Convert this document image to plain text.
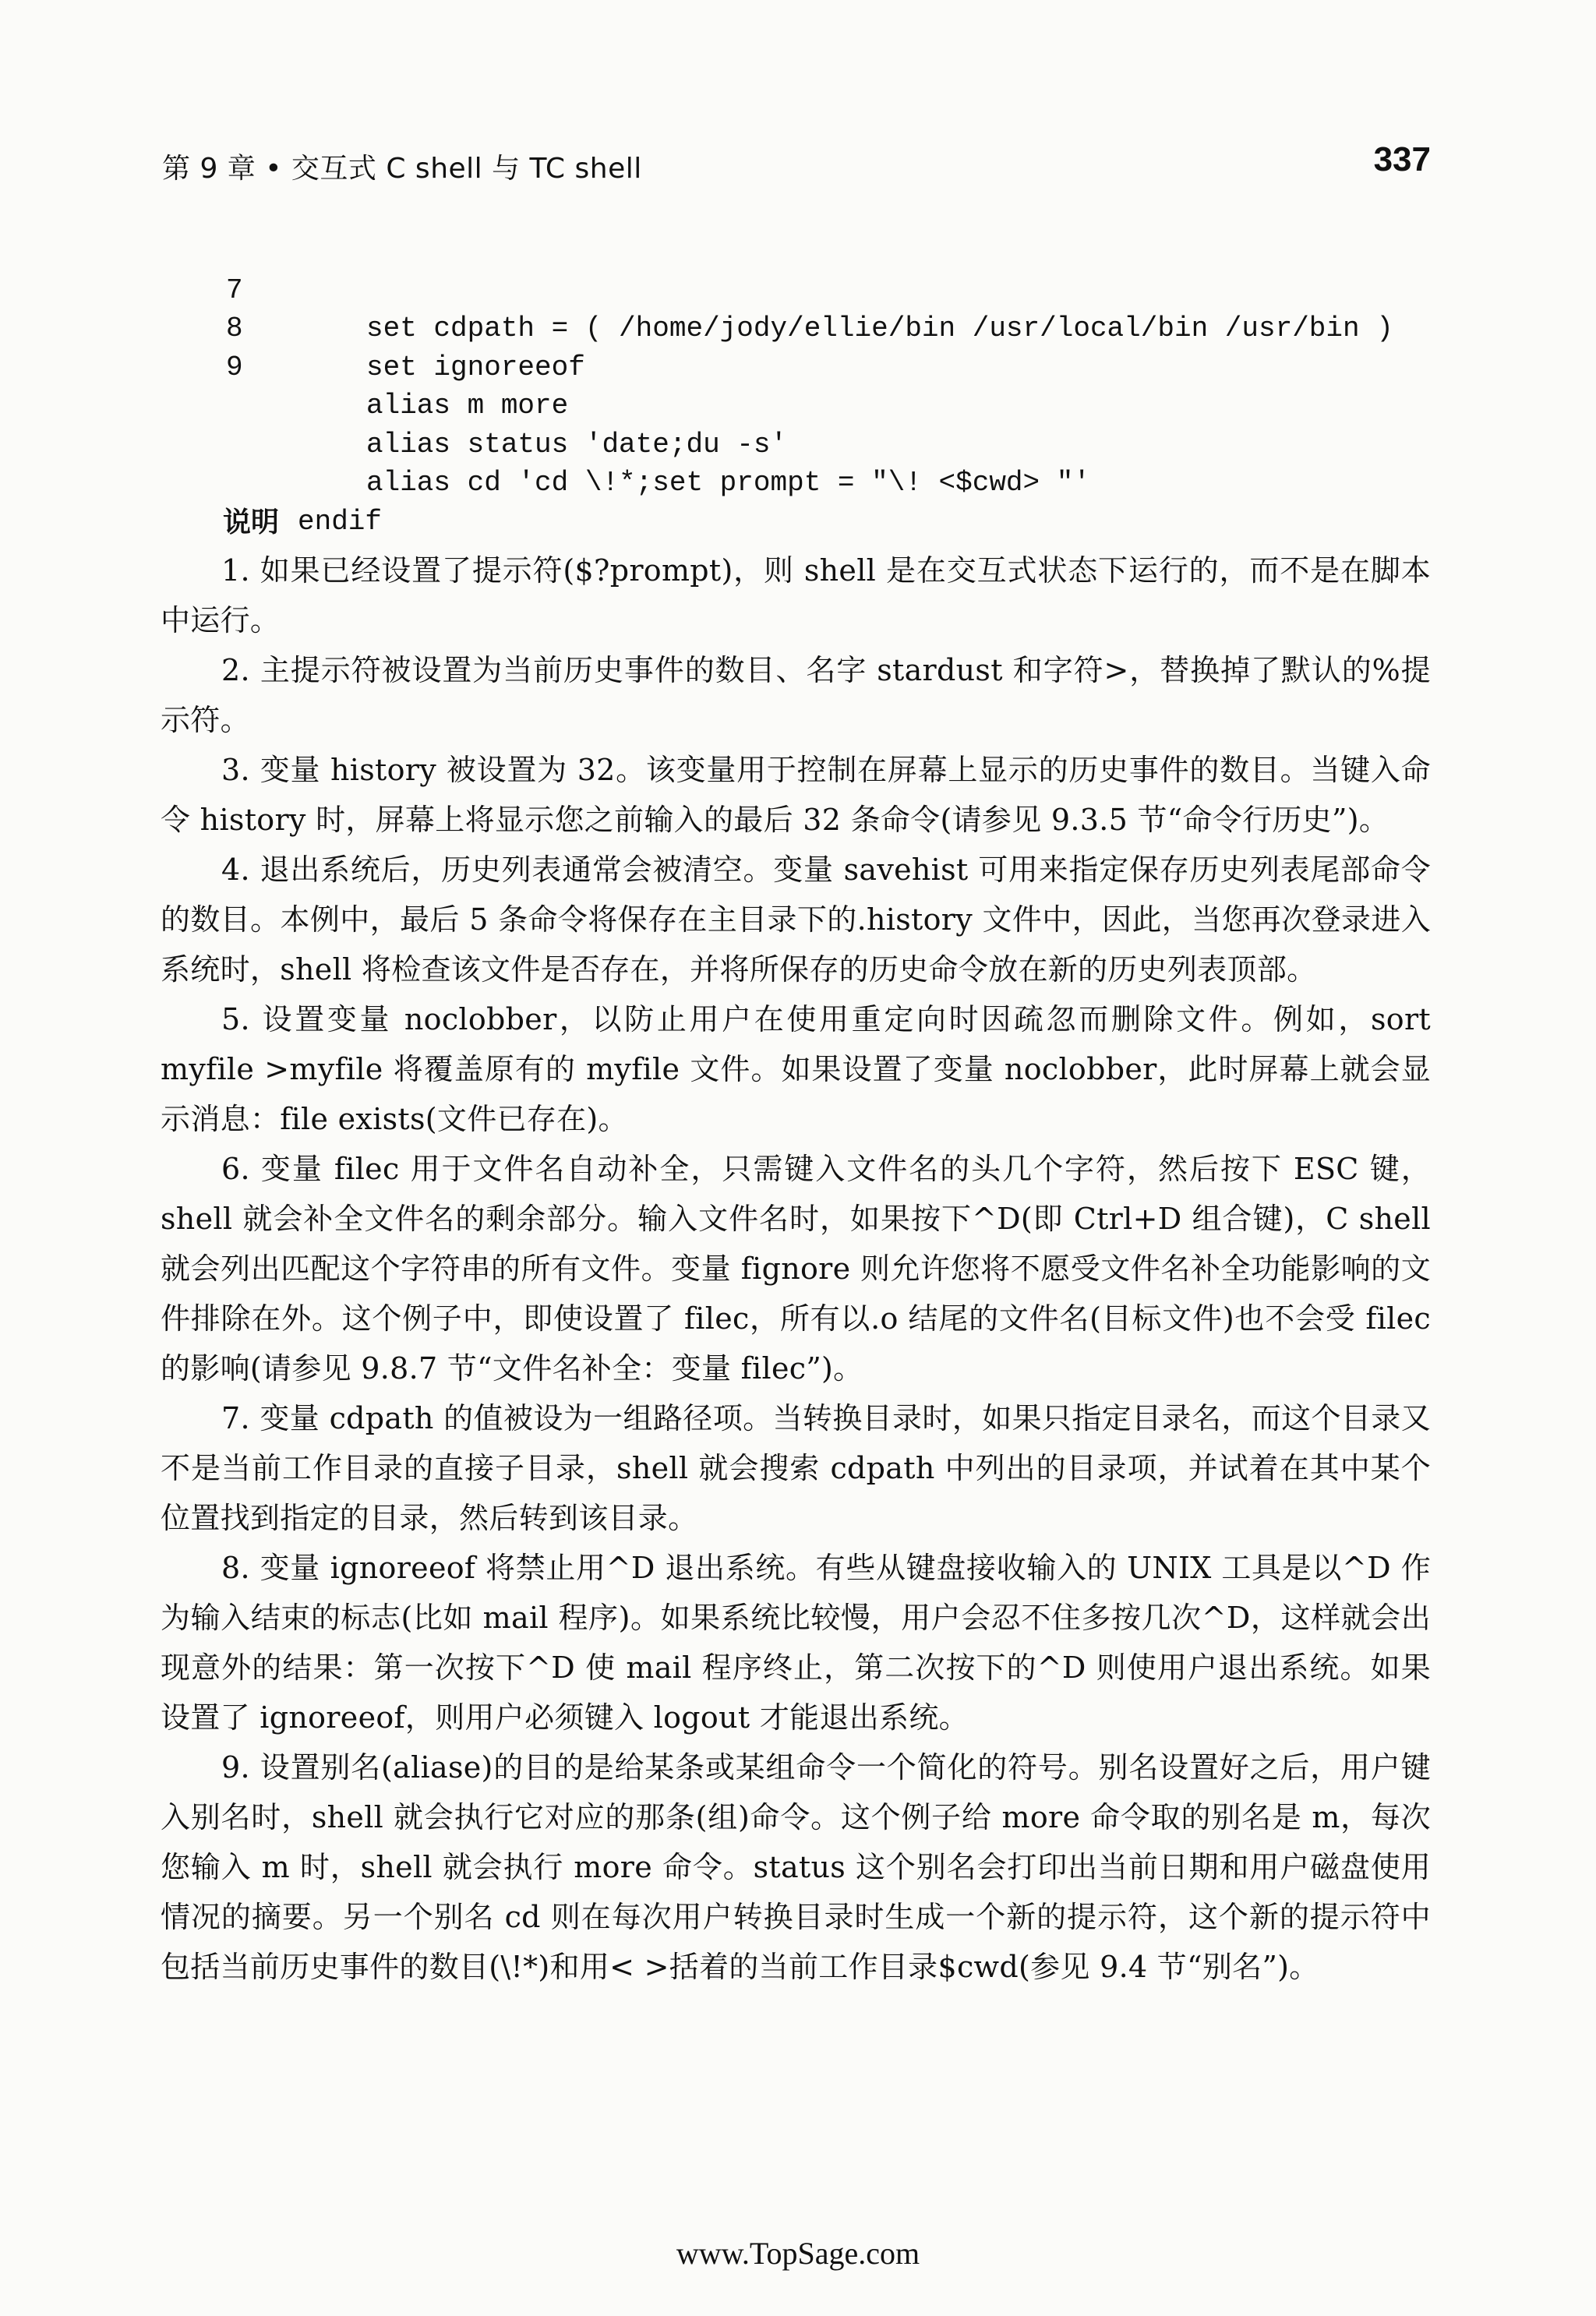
第 9 章 • 交互式 C shell 与 TC shell	337

7

set cdpath = ( /home/jody/ellie/bin /usr/local/bin /usr/bin )

8

set ignoreeof

9

alias m more

alias status 'date;du -s'

alias cd 'cd \!*;set prompt = "\! <$cwd> "'

endif

说明

1. 如果已经设置了提示符($?prompt)，则 shell 是在交互式状态下运行的，而不是在脚本中运行。

2. 主提示符被设置为当前历史事件的数目、名字 stardust 和字符>，替换掉了默认的%提示符。

3. 变量 history 被设置为 32。该变量用于控制在屏幕上显示的历史事件的数目。当键入命令 history 时，屏幕上将显示您之前输入的最后 32 条命令(请参见 9.3.5 节“命令行历史”)。

4. 退出系统后，历史列表通常会被清空。变量 savehist 可用来指定保存历史列表尾部命令的数目。本例中，最后 5 条命令将保存在主目录下的.history 文件中，因此，当您再次登录进入系统时，shell 将检查该文件是否存在，并将所保存的历史命令放在新的历史列表顶部。

5. 设置变量 noclobber，以防止用户在使用重定向时因疏忽而删除文件。例如，sort myfile >myfile 将覆盖原有的 myfile 文件。如果设置了变量 noclobber，此时屏幕上就会显示消息：file exists(文件已存在)。

6. 变量 filec 用于文件名自动补全，只需键入文件名的头几个字符，然后按下 ESC 键，shell 就会补全文件名的剩余部分。输入文件名时，如果按下^D(即 Ctrl+D 组合键)，C shell 就会列出匹配这个字符串的所有文件。变量 fignore 则允许您将不愿受文件名补全功能影响的文件排除在外。这个例子中，即使设置了 filec，所有以.o 结尾的文件名(目标文件)也不会受 filec 的影响(请参见 9.8.7 节“文件名补全：变量 filec”)。

7. 变量 cdpath 的值被设为一组路径项。当转换目录时，如果只指定目录名，而这个目录又不是当前工作目录的直接子目录，shell 就会搜索 cdpath 中列出的目录项，并试着在其中某个位置找到指定的目录，然后转到该目录。

8. 变量 ignoreeof 将禁止用^D 退出系统。有些从键盘接收输入的 UNIX 工具是以^D 作为输入结束的标志(比如 mail 程序)。如果系统比较慢，用户会忍不住多按几次^D，这样就会出现意外的结果：第一次按下^D 使 mail 程序终止，第二次按下的^D 则使用户退出系统。如果设置了 ignoreeof，则用户必须键入 logout 才能退出系统。

9. 设置别名(aliase)的目的是给某条或某组命令一个简化的符号。别名设置好之后，用户键入别名时，shell 就会执行它对应的那条(组)命令。这个例子给 more 命令取的别名是 m，每次您输入 m 时，shell 就会执行 more 命令。status 这个别名会打印出当前日期和用户磁盘使用情况的摘要。另一个别名 cd 则在每次用户转换目录时生成一个新的提示符，这个新的提示符中包括当前历史事件的数目(\!*)和用< >括着的当前工作目录$cwd(参见 9.4 节“别名”)。

www.TopSage.com
